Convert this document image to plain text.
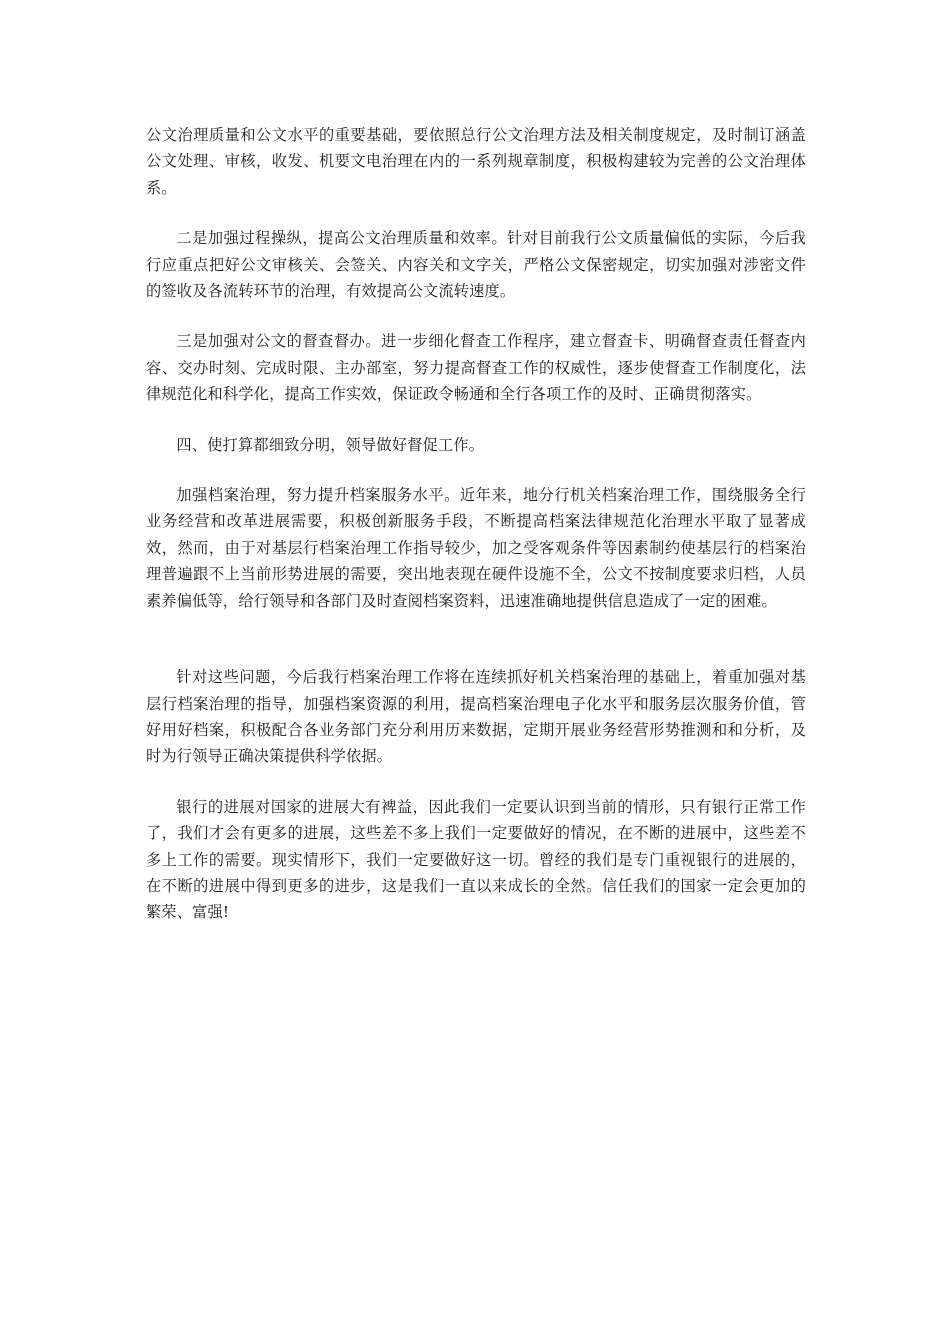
公文治理质量和公文水平的重要基础，要依照总行公文治理方法及相关制度规定，及时制订涵盖公文处理、审核，收发、机要文电治理在内的一系列规章制度，积极构建较为完善的公文治理体系。

二是加强过程操纵，提高公文治理质量和效率。针对目前我行公文质量偏低的实际，今后我行应重点把好公文审核关、会签关、内容关和文字关，严格公文保密规定，切实加强对涉密文件的签收及各流转环节的治理，有效提高公文流转速度。

三是加强对公文的督查督办。进一步细化督查工作程序，建立督查卡、明确督查责任督查内容、交办时刻、完成时限、主办部室，努力提高督查工作的权威性，逐步使督查工作制度化，法律规范化和科学化，提高工作实效，保证政令畅通和全行各项工作的及时、正确贯彻落实。

四、使打算都细致分明，领导做好督促工作。

加强档案治理，努力提升档案服务水平。近年来，地分行机关档案治理工作，围绕服务全行业务经营和改革进展需要，积极创新服务手段，不断提高档案法律规范化治理水平取了显著成效，然而，由于对基层行档案治理工作指导较少，加之受客观条件等因素制约使基层行的档案治理普遍跟不上当前形势进展的需要，突出地表现在硬件设施不全，公文不按制度要求归档，人员素养偏低等，给行领导和各部门及时查阅档案资料，迅速准确地提供信息造成了一定的困难。

针对这些问题，今后我行档案治理工作将在连续抓好机关档案治理的基础上，着重加强对基层行档案治理的指导，加强档案资源的利用，提高档案治理电子化水平和服务层次服务价值，管好用好档案，积极配合各业务部门充分利用历来数据，定期开展业务经营形势推测和和分析，及时为行领导正确决策提供科学依据。

银行的进展对国家的进展大有裨益，因此我们一定要认识到当前的情形，只有银行正常工作了，我们才会有更多的进展，这些差不多上我们一定要做好的情况，在不断的进展中，这些差不多上工作的需要。现实情形下，我们一定要做好这一切。曾经的我们是专门重视银行的进展的，在不断的进展中得到更多的进步，这是我们一直以来成长的全然。信任我们的国家一定会更加的繁荣、富强!
